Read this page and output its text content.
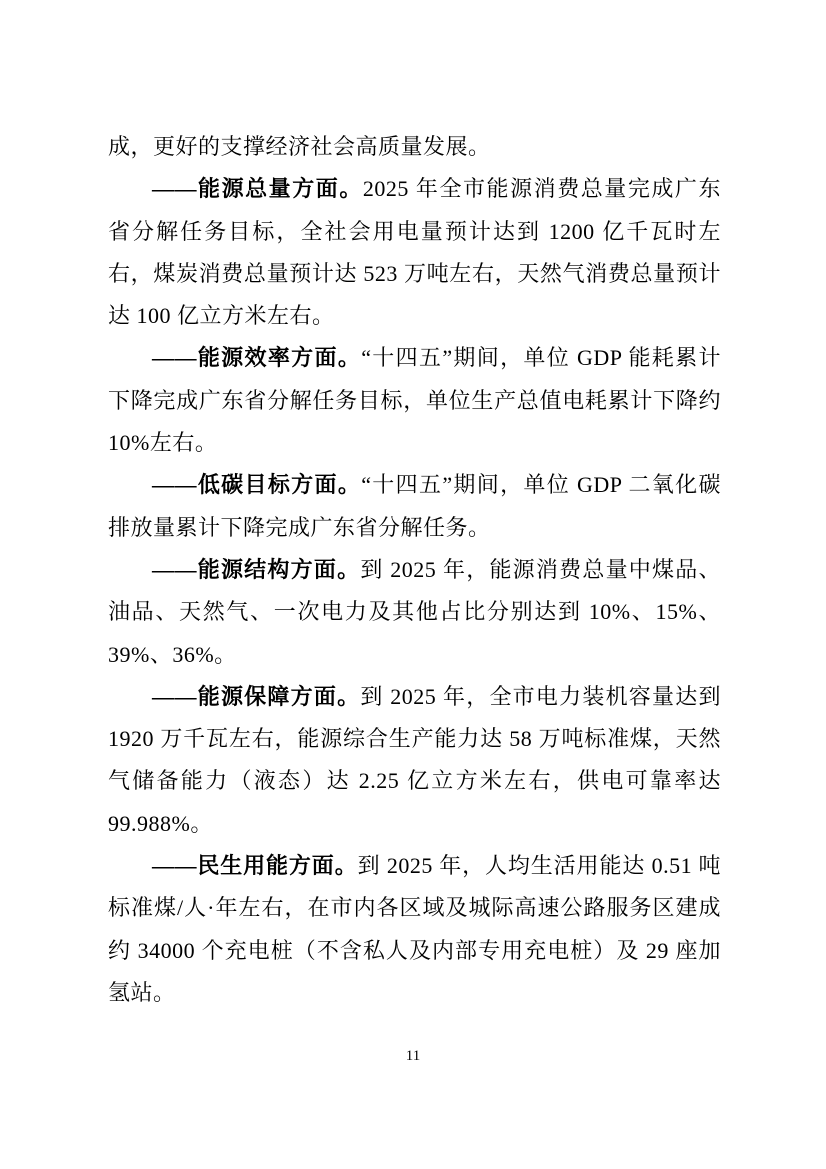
成，更好的支撑经济社会高质量发展。

——能源总量方面。2025 年全市能源消费总量完成广东省分解任务目标，全社会用电量预计达到 1200 亿千瓦时左右，煤炭消费总量预计达 523 万吨左右，天然气消费总量预计达 100 亿立方米左右。

——能源效率方面。“十四五”期间，单位 GDP 能耗累计下降完成广东省分解任务目标，单位生产总值电耗累计下降约 10%左右。

——低碳目标方面。“十四五”期间，单位 GDP 二氧化碳排放量累计下降完成广东省分解任务。

——能源结构方面。到 2025 年，能源消费总量中煤品、油品、天然气、一次电力及其他占比分别达到 10%、15%、39%、36%。

——能源保障方面。到 2025 年，全市电力装机容量达到 1920 万千瓦左右，能源综合生产能力达 58 万吨标准煤，天然气储备能力（液态）达 2.25 亿立方米左右，供电可靠率达 99.988%。

——民生用能方面。到 2025 年，人均生活用能达 0.51 吨标准煤/人·年左右，在市内各区域及城际高速公路服务区建成约 34000 个充电桩（不含私人及内部专用充电桩）及 29 座加氢站。

11
